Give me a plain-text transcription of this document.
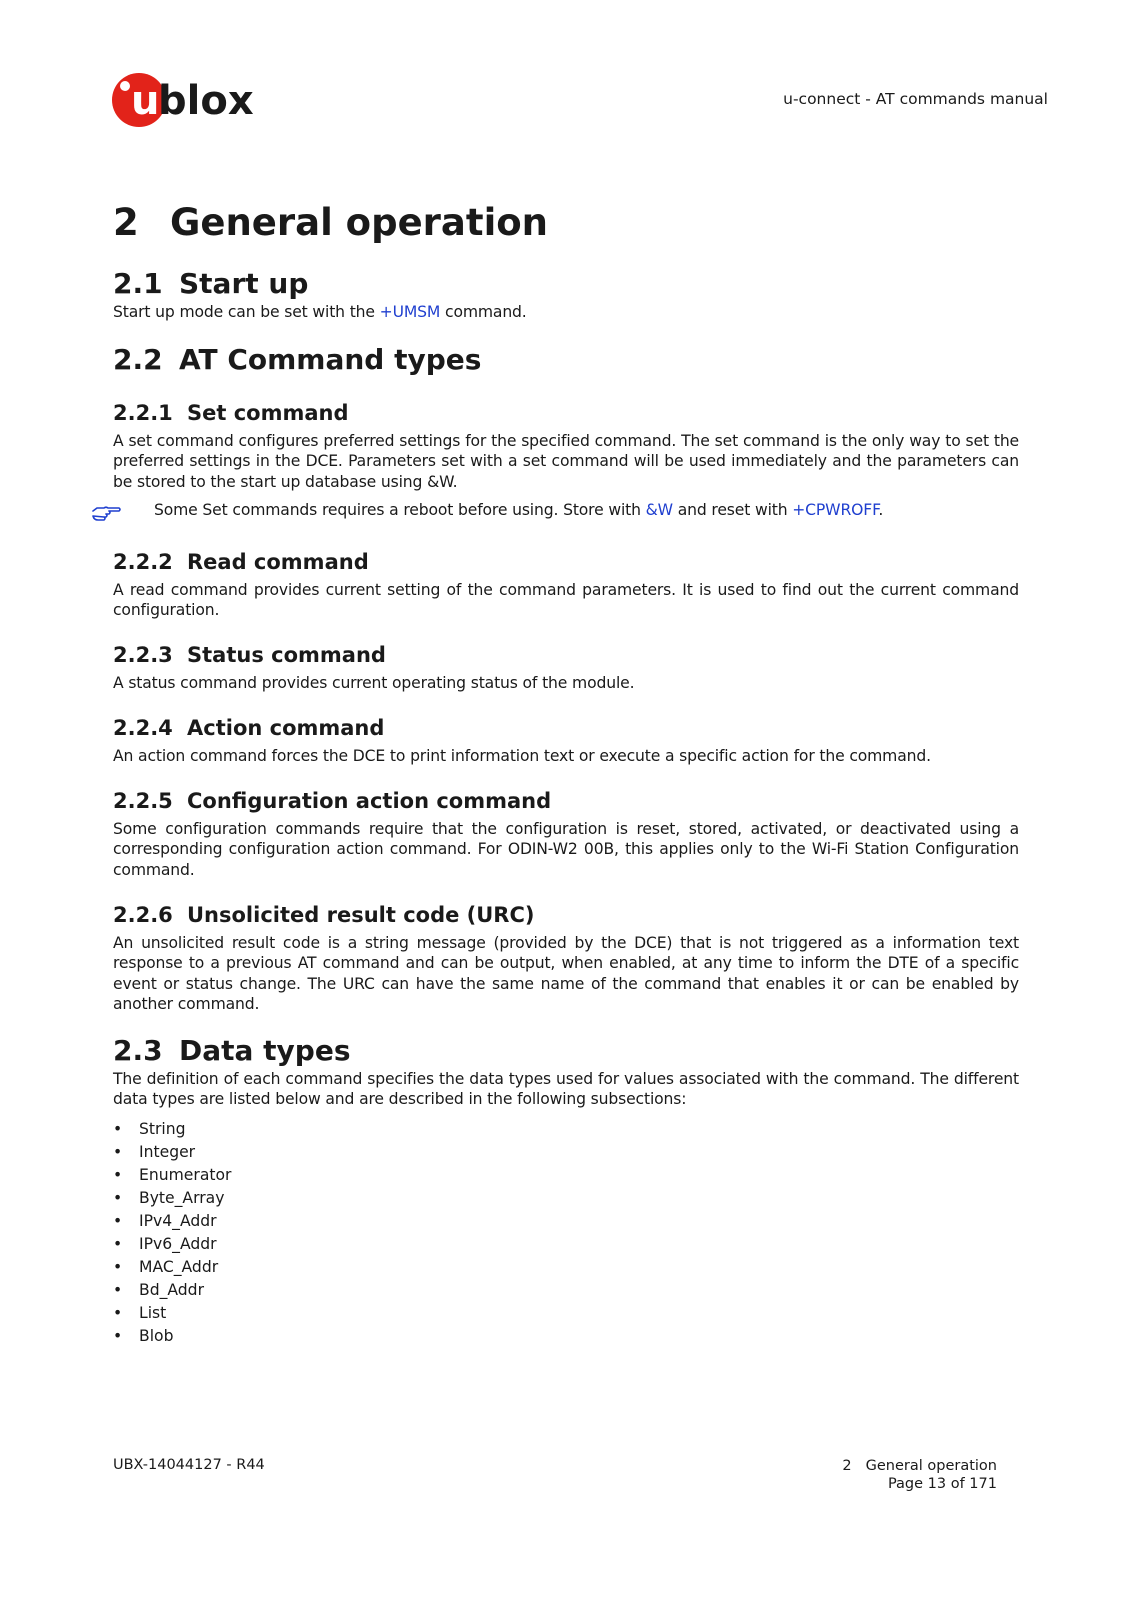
u
blox	u-connect - AT commands manual
2 General operation
2.1 Start up

Start up mode can be set with the +UMSM command.

2.2 AT Command types
2.2.1 Set command

A set command configures preferred settings for the specified command. The set command is the only way to set the preferred settings in the DCE. Parameters set with a set command will be used immediately and the parameters can be stored to the start up database using &W.

2.2.2 Read command

A read command provides current setting of the command parameters. It is used to find out the current command configuration.

2.2.3 Status command

A status command provides current operating status of the module.

2.2.4 Action command

An action command forces the DCE to print information text or execute a specific action for the command.

2.2.5 Configuration action command

Some configuration commands require that the configuration is reset, stored, activated, or deactivated using a corresponding configuration action command. For ODIN-W2 00B, this applies only to the Wi-Fi Station Configuration command.

2.2.6 Unsolicited result code (URC)

An unsolicited result code is a string message (provided by the DCE) that is not triggered as a information text response to a previous AT command and can be output, when enabled, at any time to inform the DTE of a specific event or status change. The URC can have the same name of the command that enables it or can be enabled by another command.

2.3 Data types

The definition of each command specifies the data types used for values associated with the command. The different data types are listed below and are described in the following subsections:

• String
• Integer
• Enumerator
• Byte_Array
• IPv4_Addr
• IPv6_Addr
• MAC_Addr
• Bd_Addr
• List
• Blob
Some Set commands requires a reboot before using. Store with &W and reset with +CPWROFF.
UBX-14044127 - R44	2 General operation
Page 13 of 171
